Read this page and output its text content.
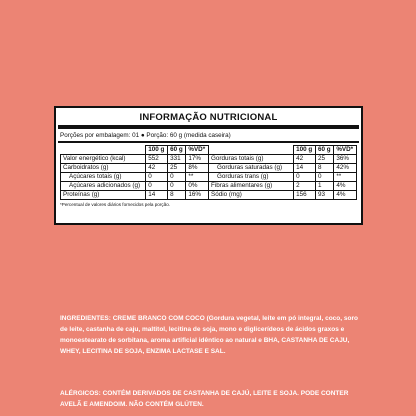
INFORMAÇÃO NUTRICIONAL
Porções por embalagem: 01 ● Porção: 60 g (medida caseira)
	100 g	60 g	%VD*		100 g	60 g	%VD*
Valor energético (kcal)	552	331	17%	Gorduras totais (g)	42	25	36%
Carboidratos (g)	42	25	8%	Gorduras saturadas (g)	14	8	42%
Açúcares totais (g)	0	0	**	Gorduras trans (g)	0	0	**
Açúcares adicionados (g)	0	0	0%	Fibras alimentares (g)	2	1	4%
Proteínas (g)	14	8	16%	Sódio (mg)	156	93	4%
*Percentual de valores diários fornecidos pela porção.

INGREDIENTES: CREME BRANCO COM COCO (Gordura vegetal, leite em pó integral, coco, soro de leite, castanha de caju, maltitol, lecitina de soja, mono e diglicerídeos de ácidos graxos e monoestearato de sorbitana, aroma artificial idêntico ao natural e BHA, CASTANHA DE CAJU, WHEY, LECITINA DE SOJA, ENZIMA LACTASE E SAL.

ALÉRGICOS: CONTÉM DERIVADOS DE CASTANHA DE CAJÚ, LEITE E SOJA. PODE CONTER AVELÃ E AMENDOIM. NÃO CONTÉM GLÚTEN.
